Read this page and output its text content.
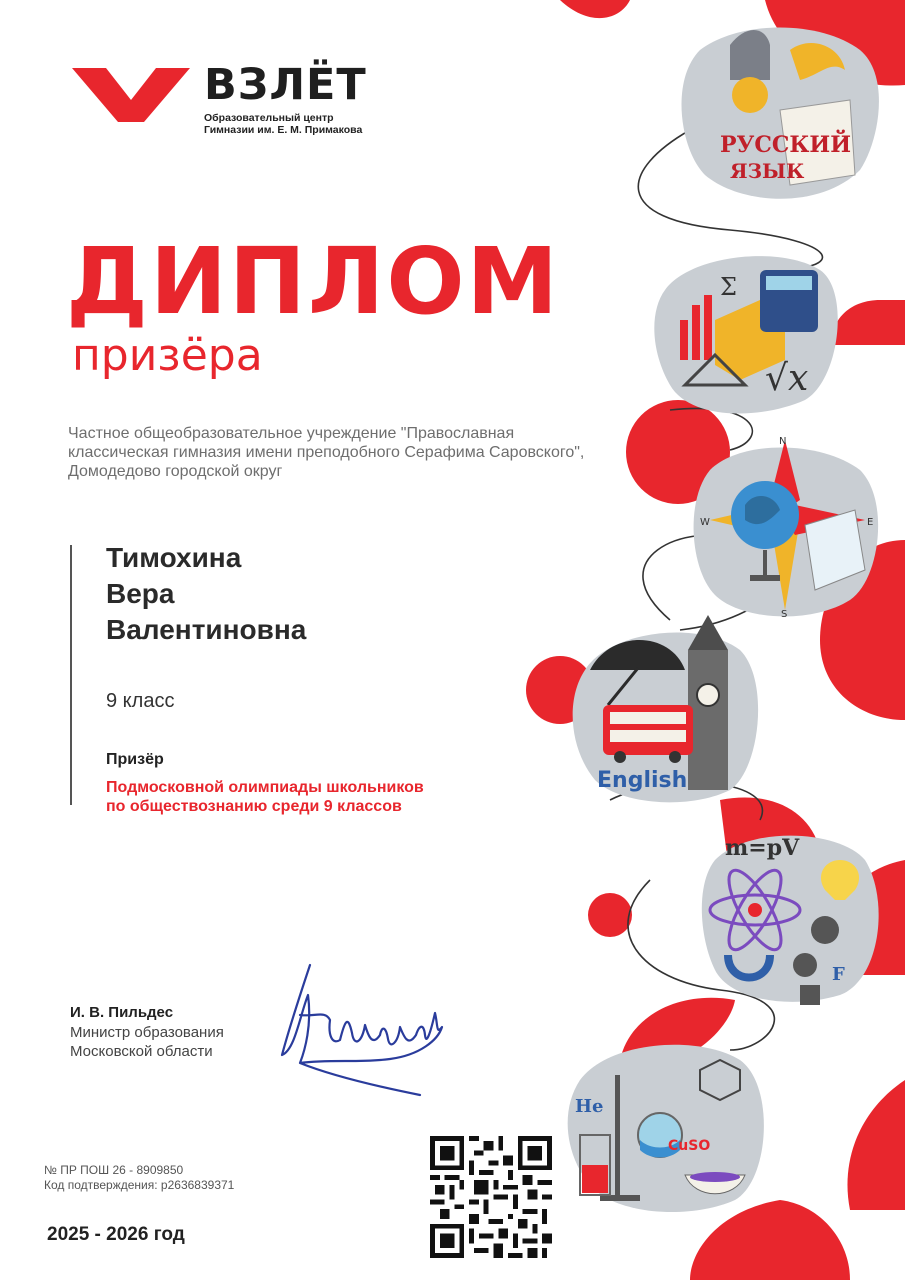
ВЗЛЁТ
Образовательный центр
Гимназии им. Е. М. Примакова
ДИПЛОМ
призёра
Частное общеобразовательное учреждение "Православная классическая гимназия имени преподобного Серафима Саровского", Домодедово городской округ
Тимохина
Вера
Валентиновна
9 класс
Призёр
Подмосковной олимпиады школьников
по обществознанию среди 9 классов
И. В. Пильдес
Министр образования
Московской области
№ ПР ПОШ 26 - 8909850
Код подтверждения: р2636839371
2025 - 2026 год
РУССКИЙ
ЯЗЫК
Σ
√x
N
S
W	E
English
m=pV
F
He
CuSO
